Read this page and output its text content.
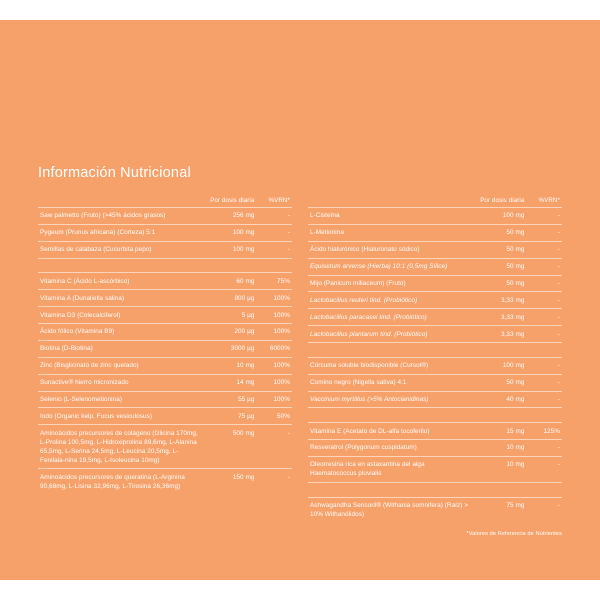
Información Nutricional
	Por dosis diaria	%VRN*
Saw palmetto (Fruto) (>45% ácidos grasos)	256 mg	-
Pygeum (Prunus africana) (Corteza) 5:1	100 mg	-
Semillas de calabaza (Cucurbita pepo)	100 mg	-

Vitamina C (Ácido L-ascórbico)	60 mg	75%
Vitamina A (Dunaliella salina)	800 µg	100%
Vitamina D3 (Colecalciferol)	5 µg	100%
Ácido fólico (Vitamina B9)	200 µg	100%
Biotina (D-Biotina)	3000 µg	6000%
Zinc (Bisglicinato de zinc quelado)	10 mg	100%
Sunactive® hierro micronizado	14 mg	100%
Selenio (L-Selenometionina)	55 µg	100%
Iodo (Organic kelp, Fucus vesiculosus)	75 µg	50%
Aminoácidos precursores de colágeno (Glicina 170mg, L-Prolina 100,5mg, L-Hidroxiprolina 89,6mg, L-Alanina 65,5mg, L-Serina 24,5mg, L-Leucina 20,5mg, L-Fenilala-nina 19,5mg, L-Isoleucina 10mg)	500 mg	-
Aminoácidos precursores de queratina (L-Arginina 90,68mg, L-Lisina 32,96mg, L-Tirosina 26,36mg)	150 mg	-
	Por dosis diaria	%VRN*
L-Cisteína	100 mg	-
L-Metionina	50 mg	-
Ácido hialurónico (Hialuronato sódico)	50 mg	-
Equisetum arvense (Hierba) 10:1 (0,5mg Sílice)	50 mg	-
Mijo (Panicum miliaceum) (Fruto)	50 mg	-
Lactobacillus reuteri tind. (Probiótico)	3,33 mg	-
Lactobacillus paracasei tind. (Probiótico)	3,33 mg	-
Lactobacillus plantarum tind. (Probiótico)	3,33 mg	-

Cúrcuma soluble biodisponible (Cursol®)	100 mg	-
Comino negro (Nigella sativa) 4:1	50 mg	-
Vaccinium myrtillus (>5% Antocianidinas)	40 mg	-

Vitamina E (Acetato de DL-alfa tocoferilo)	15 mg	125%
Resveratrol (Polygonum cuspidatum)	10 mg	-
Oleorresina rica en astaxantina del alga Haematococcus pluvialis	10 mg	-

Ashwagandha Sensoril® (Withania somnifera) (Raíz) > 10% Withanólidos)	75 mg	-
*Valores de Referencia de Nutrientes
